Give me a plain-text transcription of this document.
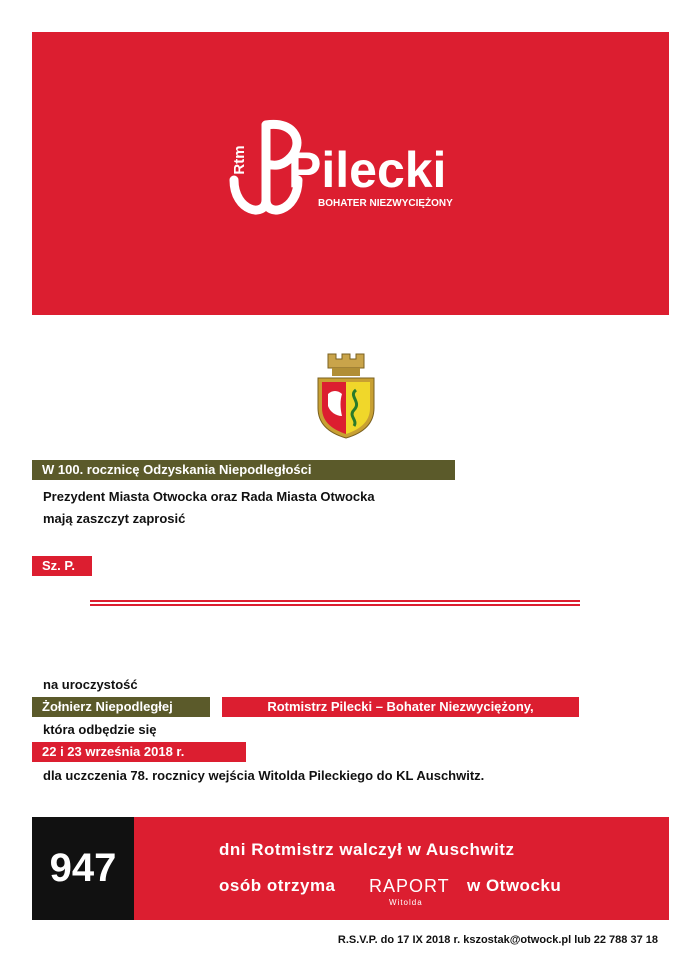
Rtm Pilecki
BOHATER NIEZWYCIĘŻONY
W 100. rocznicę Odzyskania Niepodległości
Prezydent Miasta Otwocka oraz Rada Miasta Otwocka
mają zaszczyt zaprosić
Sz. P.
na uroczystość
Żołnierz Niepodległej	Rotmistrz Pilecki – Bohater Niezwyciężony,
która odbędzie się
22 i 23 września 2018 r.
dla uczczenia 78. rocznicy wejścia Witolda Pileckiego do KL Auschwitz.
947	dni Rotmistrz walczył w Auschwitz
osób otrzyma RAPORT
Witolda
w Otwocku
R.S.V.P. do 17 IX 2018 r. kszostak@otwock.pl lub 22 788 37 18
